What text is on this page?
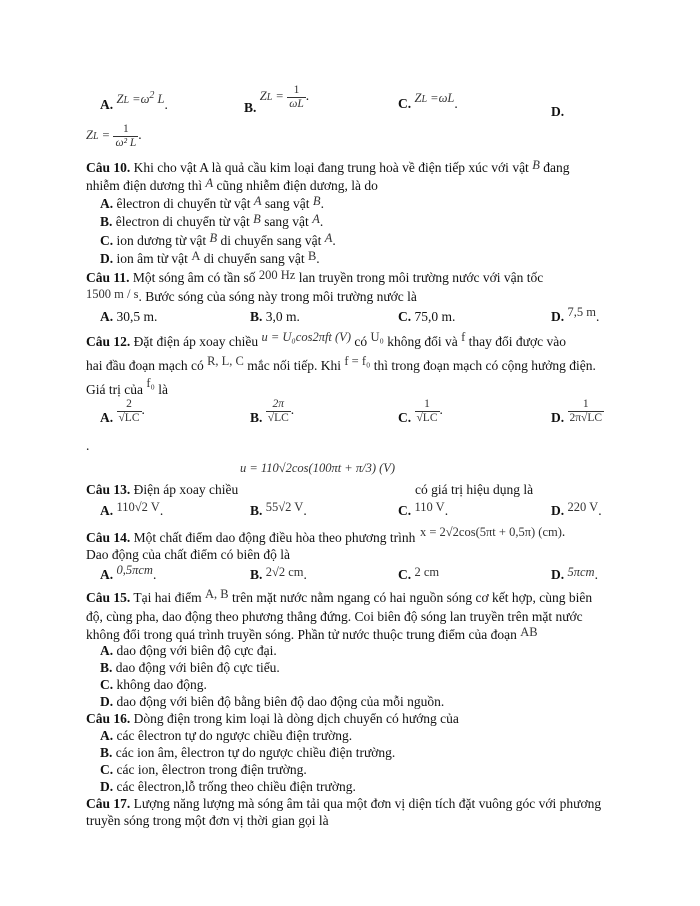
A. ZL $=\omega^2$ L.	B. ZL = $\frac{1}{\omega L}$ .
C. ZL =ωL.
D.
ZL = $\frac{1}{\text{ω² L}}$ .
Câu 10. Khi cho vật A là quả cầu kim loại đang trung hoà về điện tiếp xúc với vật B đang
nhiễm điện dương thì A cũng nhiễm điện dương, là do
A. êlectron di chuyển từ vật A sang vật B.
B. êlectron di chuyển từ vật B sang vật A.
C. ion dương từ vật B di chuyển sang vật A.
D. ion âm từ vật A di chuyển sang vật B.
Câu 11. Một sóng âm có tần số 200 Hz lan truyền trong môi trường nước với vận tốc
1500 m / s. Bước sóng của sóng này trong môi trường nước là
A. 30,5 m.	B. 3,0 m.	C. 75,0 m.	D. 7,5 m.
Câu 12. Đặt điện áp xoay chiều u = U₀cos2πft (V) có U₀ không đổi và f thay đổi được vào
hai đầu đoạn mạch có R, L, C mắc nối tiếp. Khi f = f₀ thì trong đoạn mạch có cộng hưởng điện.
Giá trị của f₀ là
A. $\frac{2}{√LC}$ .
B. $\frac{2\pi}{√LC}$ .
C. $\frac{1}{√LC}$ .
D. $\frac{1}{2\pi√LC}$
.
u = 110√2cos(100πt + π/3) (V)
Câu 13. Điện áp xoay chiều	có giá trị hiệu dụng là
A. 110√2 V.	B. 55√2 V.	C. 110 V.	D. 220 V.
Câu 14. Một chất điểm dao động điều hòa theo phương trình x = 2√2cos(5πt + 0,5π) (cm).
Dao động của chất điểm có biên độ là
A. 0,5πcm.	B. 2√2 cm.	C. 2 cm	D. 5πcm.
Câu 15. Tại hai điểm A, B trên mặt nước nằm ngang có hai nguồn sóng cơ kết hợp, cùng biên
độ, cùng pha, dao động theo phương thẳng đứng. Coi biên độ sóng lan truyền trên mặt nước
không đổi trong quá trình truyền sóng. Phần tử nước thuộc trung điểm của đoạn AB
A. dao động với biên độ cực đại.
B. dao động với biên độ cực tiểu.
C. không dao động.
D. dao động với biên độ bằng biên độ dao động của mỗi nguồn.
Câu 16. Dòng điện trong kim loại là dòng dịch chuyển có hướng của
A. các êlectron tự do ngược chiều điện trường.
B. các ion âm, êlectron tự do ngược chiều điện trường.
C. các ion, êlectron trong điện trường.
D. các êlectron,lỗ trống theo chiều điện trường.
Câu 17. Lượng năng lượng mà sóng âm tải qua một đơn vị diện tích đặt vuông góc với phương
truyền sóng trong một đơn vị thời gian gọi là
